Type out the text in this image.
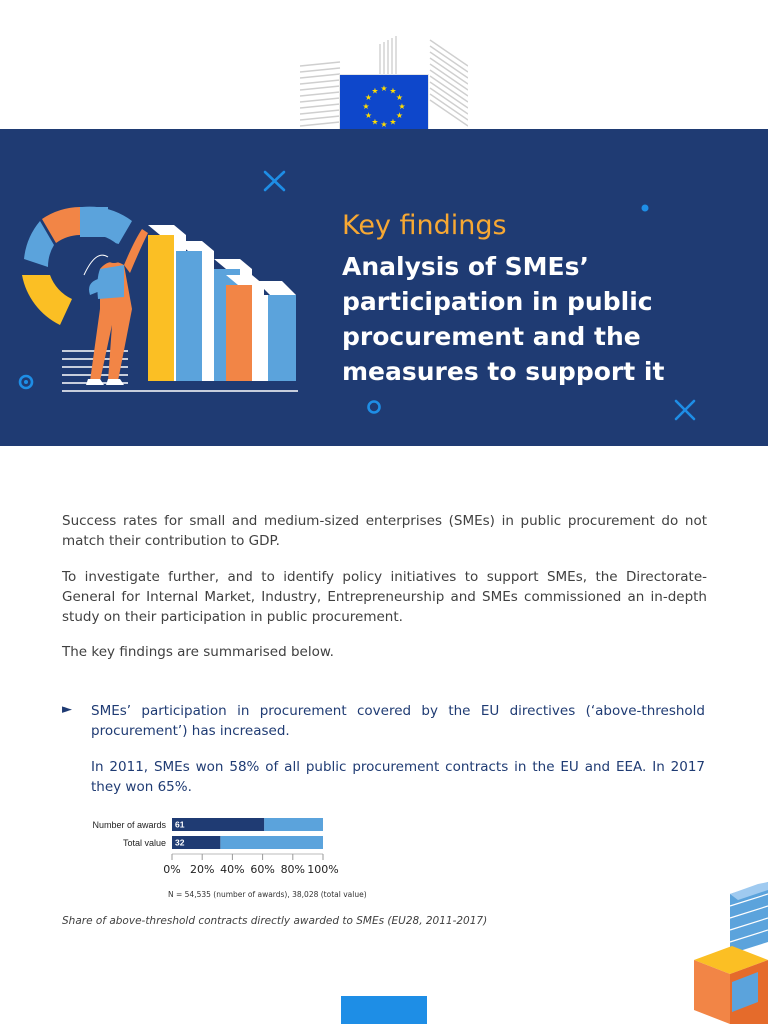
★ ★
★
★
★
★
★
★
★
★
★
★
Key findings
Analysis of SMEs’ participation in public procurement and the measures to support it

Success rates for small and medium-sized enterprises (SMEs) in public procurement do not match their contribution to GDP.

To investigate further, and to identify policy initiatives to support SMEs, the Directorate-General for Internal Market, Industry, Entrepreneurship and SMEs commissioned an in-depth study on their participation in public procurement.

The key findings are summarised below.

► SMEs’ participation in procurement covered by the EU directives (‘above-threshold procurement’) has increased.

In 2011, SMEs won 58% of all public procurement contracts in the EU and EEA. In 2017 they won 65%.

Number of awards 61
Total value 32
0% 20% 40% 60% 80% 100%
N = 54,535 (number of awards), 38,028 (total value)

Share of above-threshold contracts directly awarded to SMEs (EU28, 2011-2017)
